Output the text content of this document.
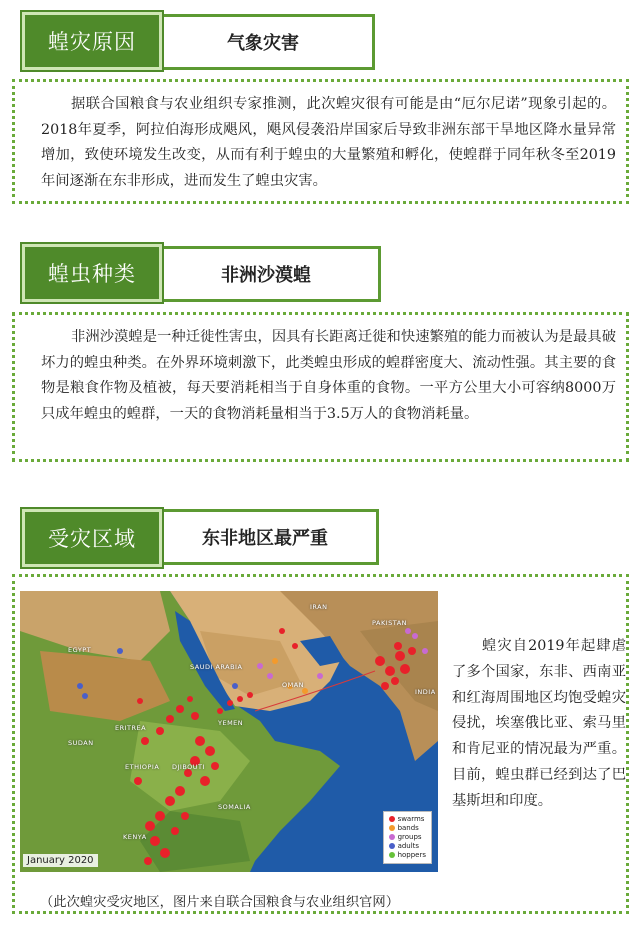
蝗灾原因	气象灾害

据联合国粮食与农业组织专家推测，此次蝗灾很有可能是由“厄尔尼诺”现象引起的。2018年夏季，阿拉伯海形成飓风，飓风侵袭沿岸国家后导致非洲东部干旱地区降水量异常增加，致使环境发生改变，从而有利于蝗虫的大量繁殖和孵化，使蝗群于同年秋冬至2019年间逐渐在东非形成，进而发生了蝗虫灾害。

蝗虫种类	非洲沙漠蝗

非洲沙漠蝗是一种迁徙性害虫，因具有长距离迁徙和快速繁殖的能力而被认为是最具破坏力的蝗虫种类。在外界环境刺激下，此类蝗虫形成的蝗群密度大、流动性强。其主要的食物是粮食作物及植被，每天要消耗相当于自身体重的食物。一平方公里大小可容纳8000万只成年蝗虫的蝗群，一天的食物消耗量相当于3.5万人的食物消耗量。

受灾区域	东非地区最严重
EGYPT
SAUDI ARABIA
IRAN
PAKISTAN
INDIA
OMAN
YEMEN
ERITREA
SUDAN
DJIBOUTI
ETHIOPIA
SOMALIA
KENYA
January 2020
swarms
bands
groups
adults
hoppers

蝗灾自2019年起肆虐了多个国家，东非、西南亚和红海周围地区均饱受蝗灾侵扰，埃塞俄比亚、索马里和肯尼亚的情况最为严重。目前，蝗虫群已经到达了巴基斯坦和印度。

（此次蝗灾受灾地区，图片来自联合国粮食与农业组织官网）
